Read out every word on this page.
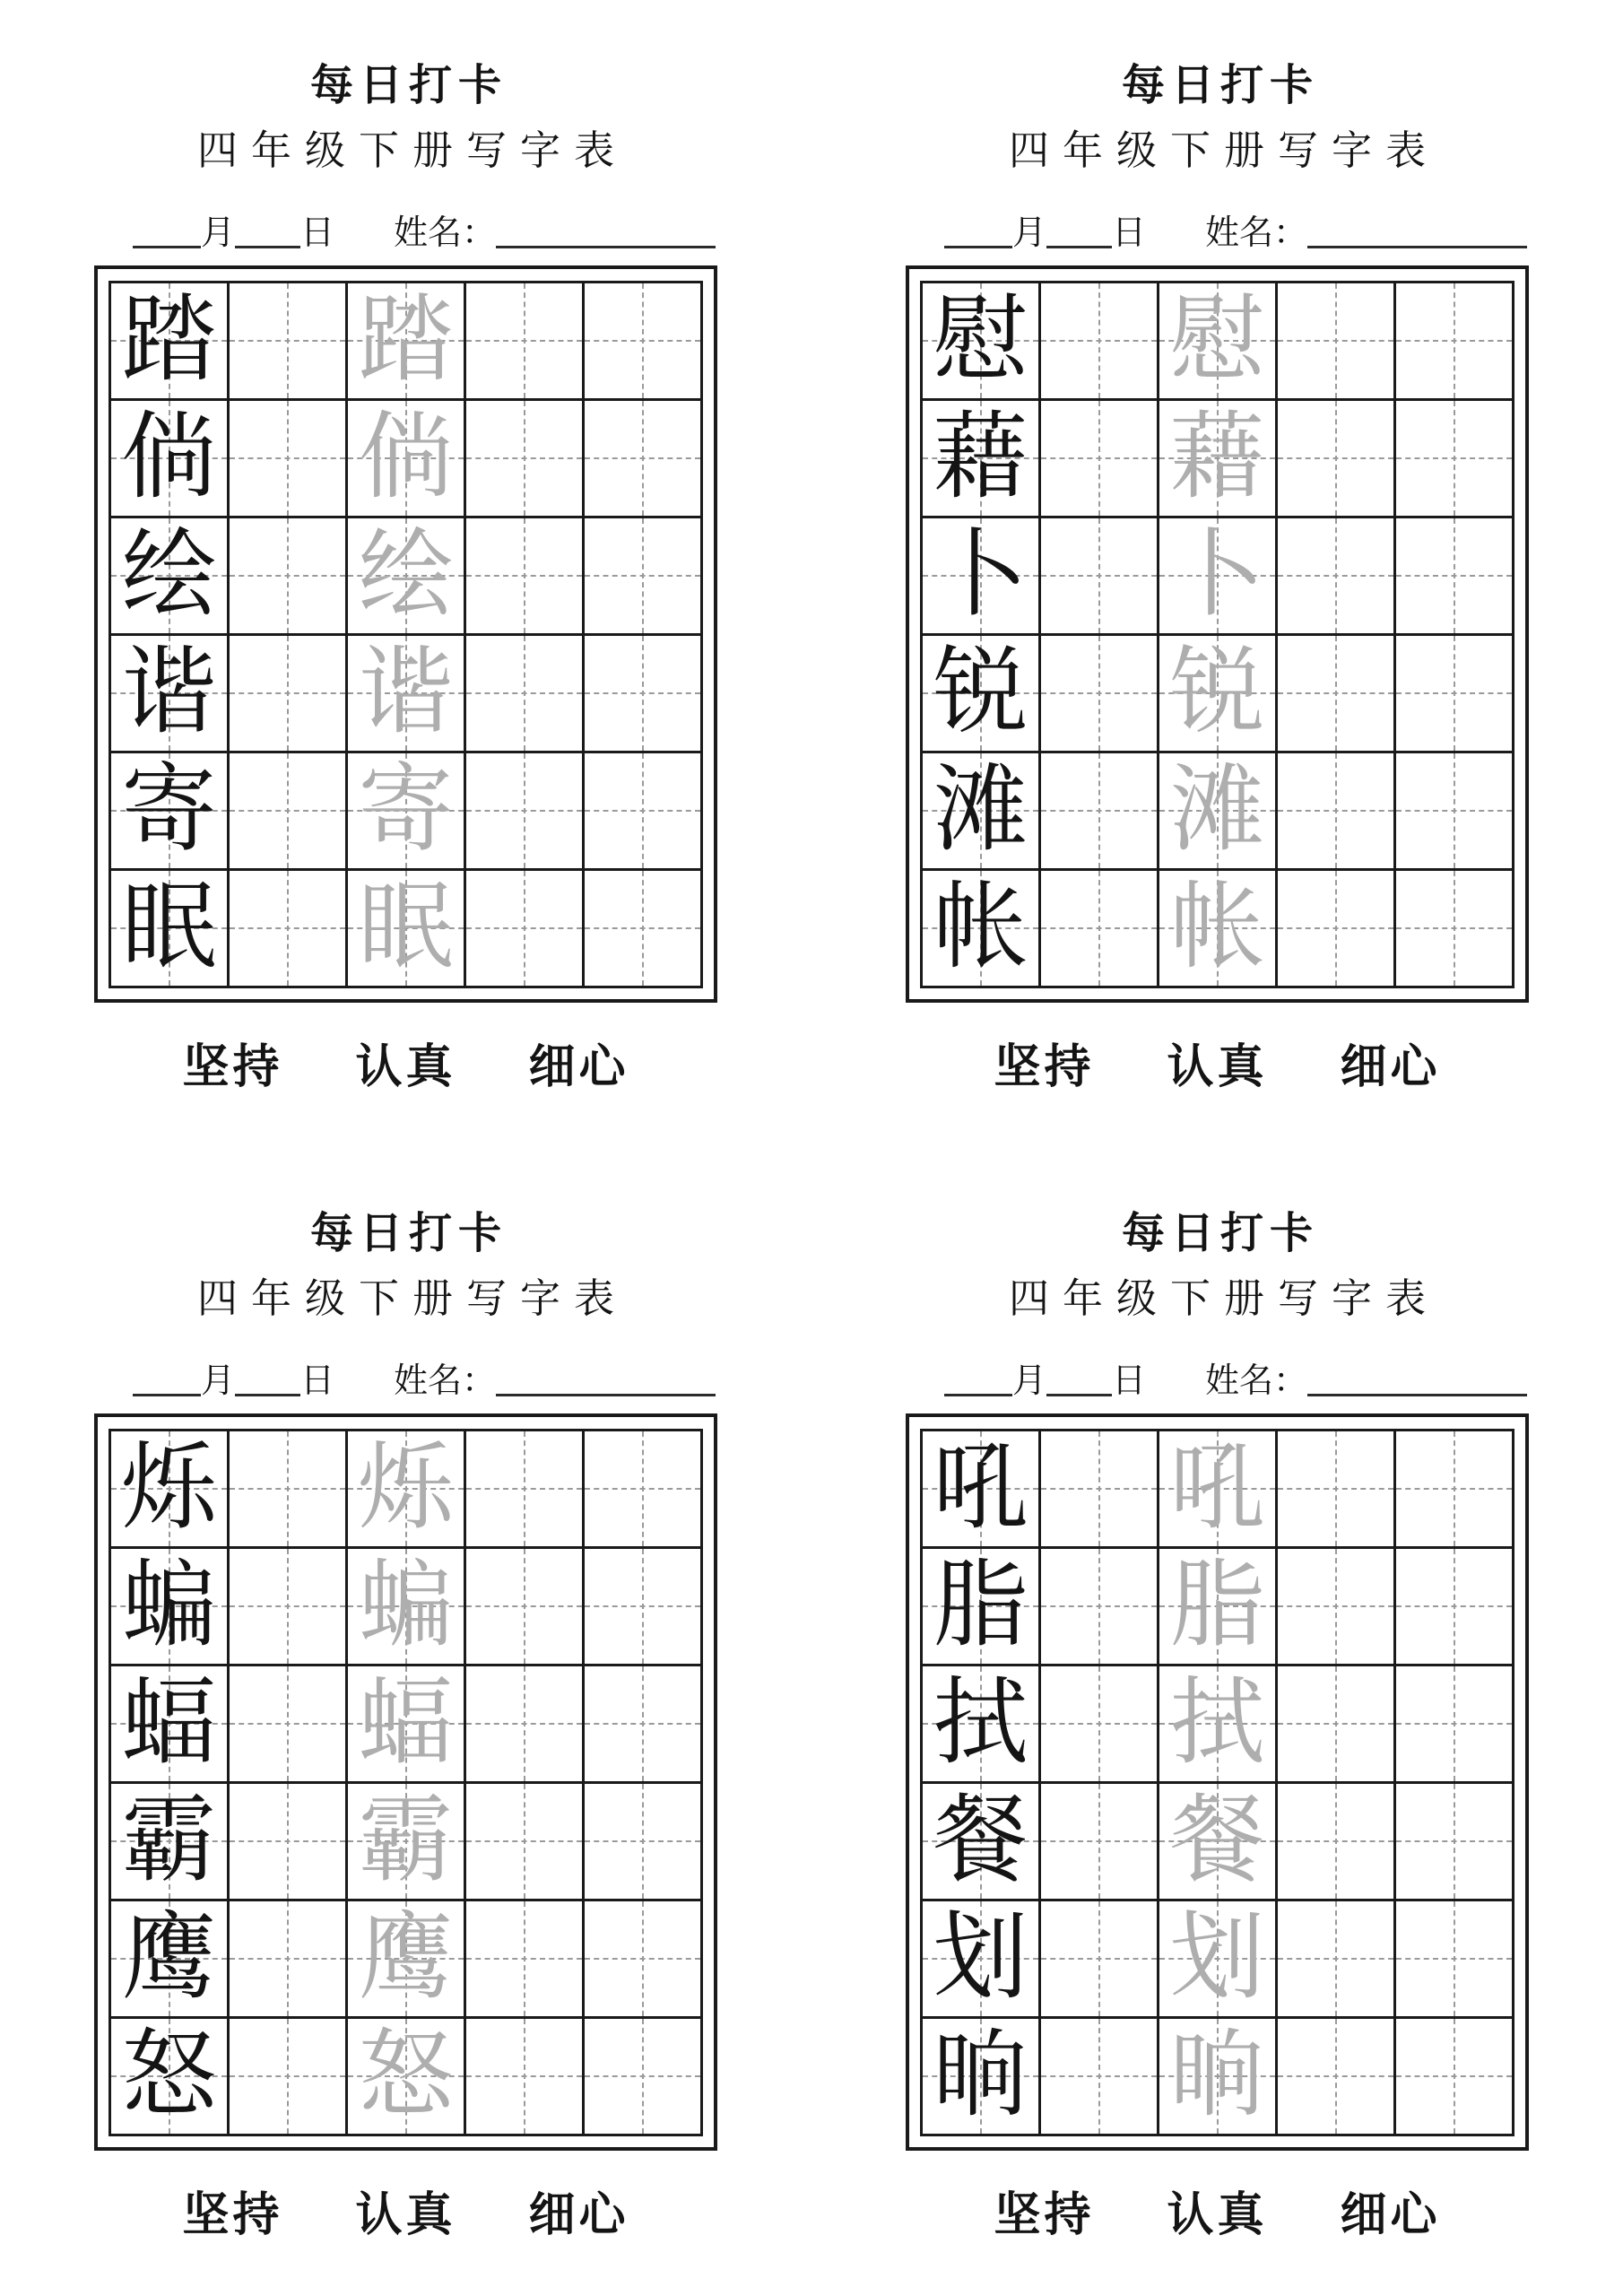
每日打卡
四年级下册写字表
月 日 姓名：
踏 踏
倘 倘
绘 绘
谐 谐
寄 寄
眠 眠
坚持 认真 细心
每日打卡
四年级下册写字表
月 日 姓名：
慰 慰
藉 藉
卜 卜
锐 锐
滩 滩
帐 帐
坚持 认真 细心
每日打卡
四年级下册写字表
月 日 姓名：
烁 烁
蝙 蝙
蝠 蝠
霸 霸
鹰 鹰
怒 怒
坚持 认真 细心
每日打卡
四年级下册写字表
月 日 姓名：
吼 吼
脂 脂
拭 拭
餐 餐
划 划
晌 晌
坚持 认真 细心
